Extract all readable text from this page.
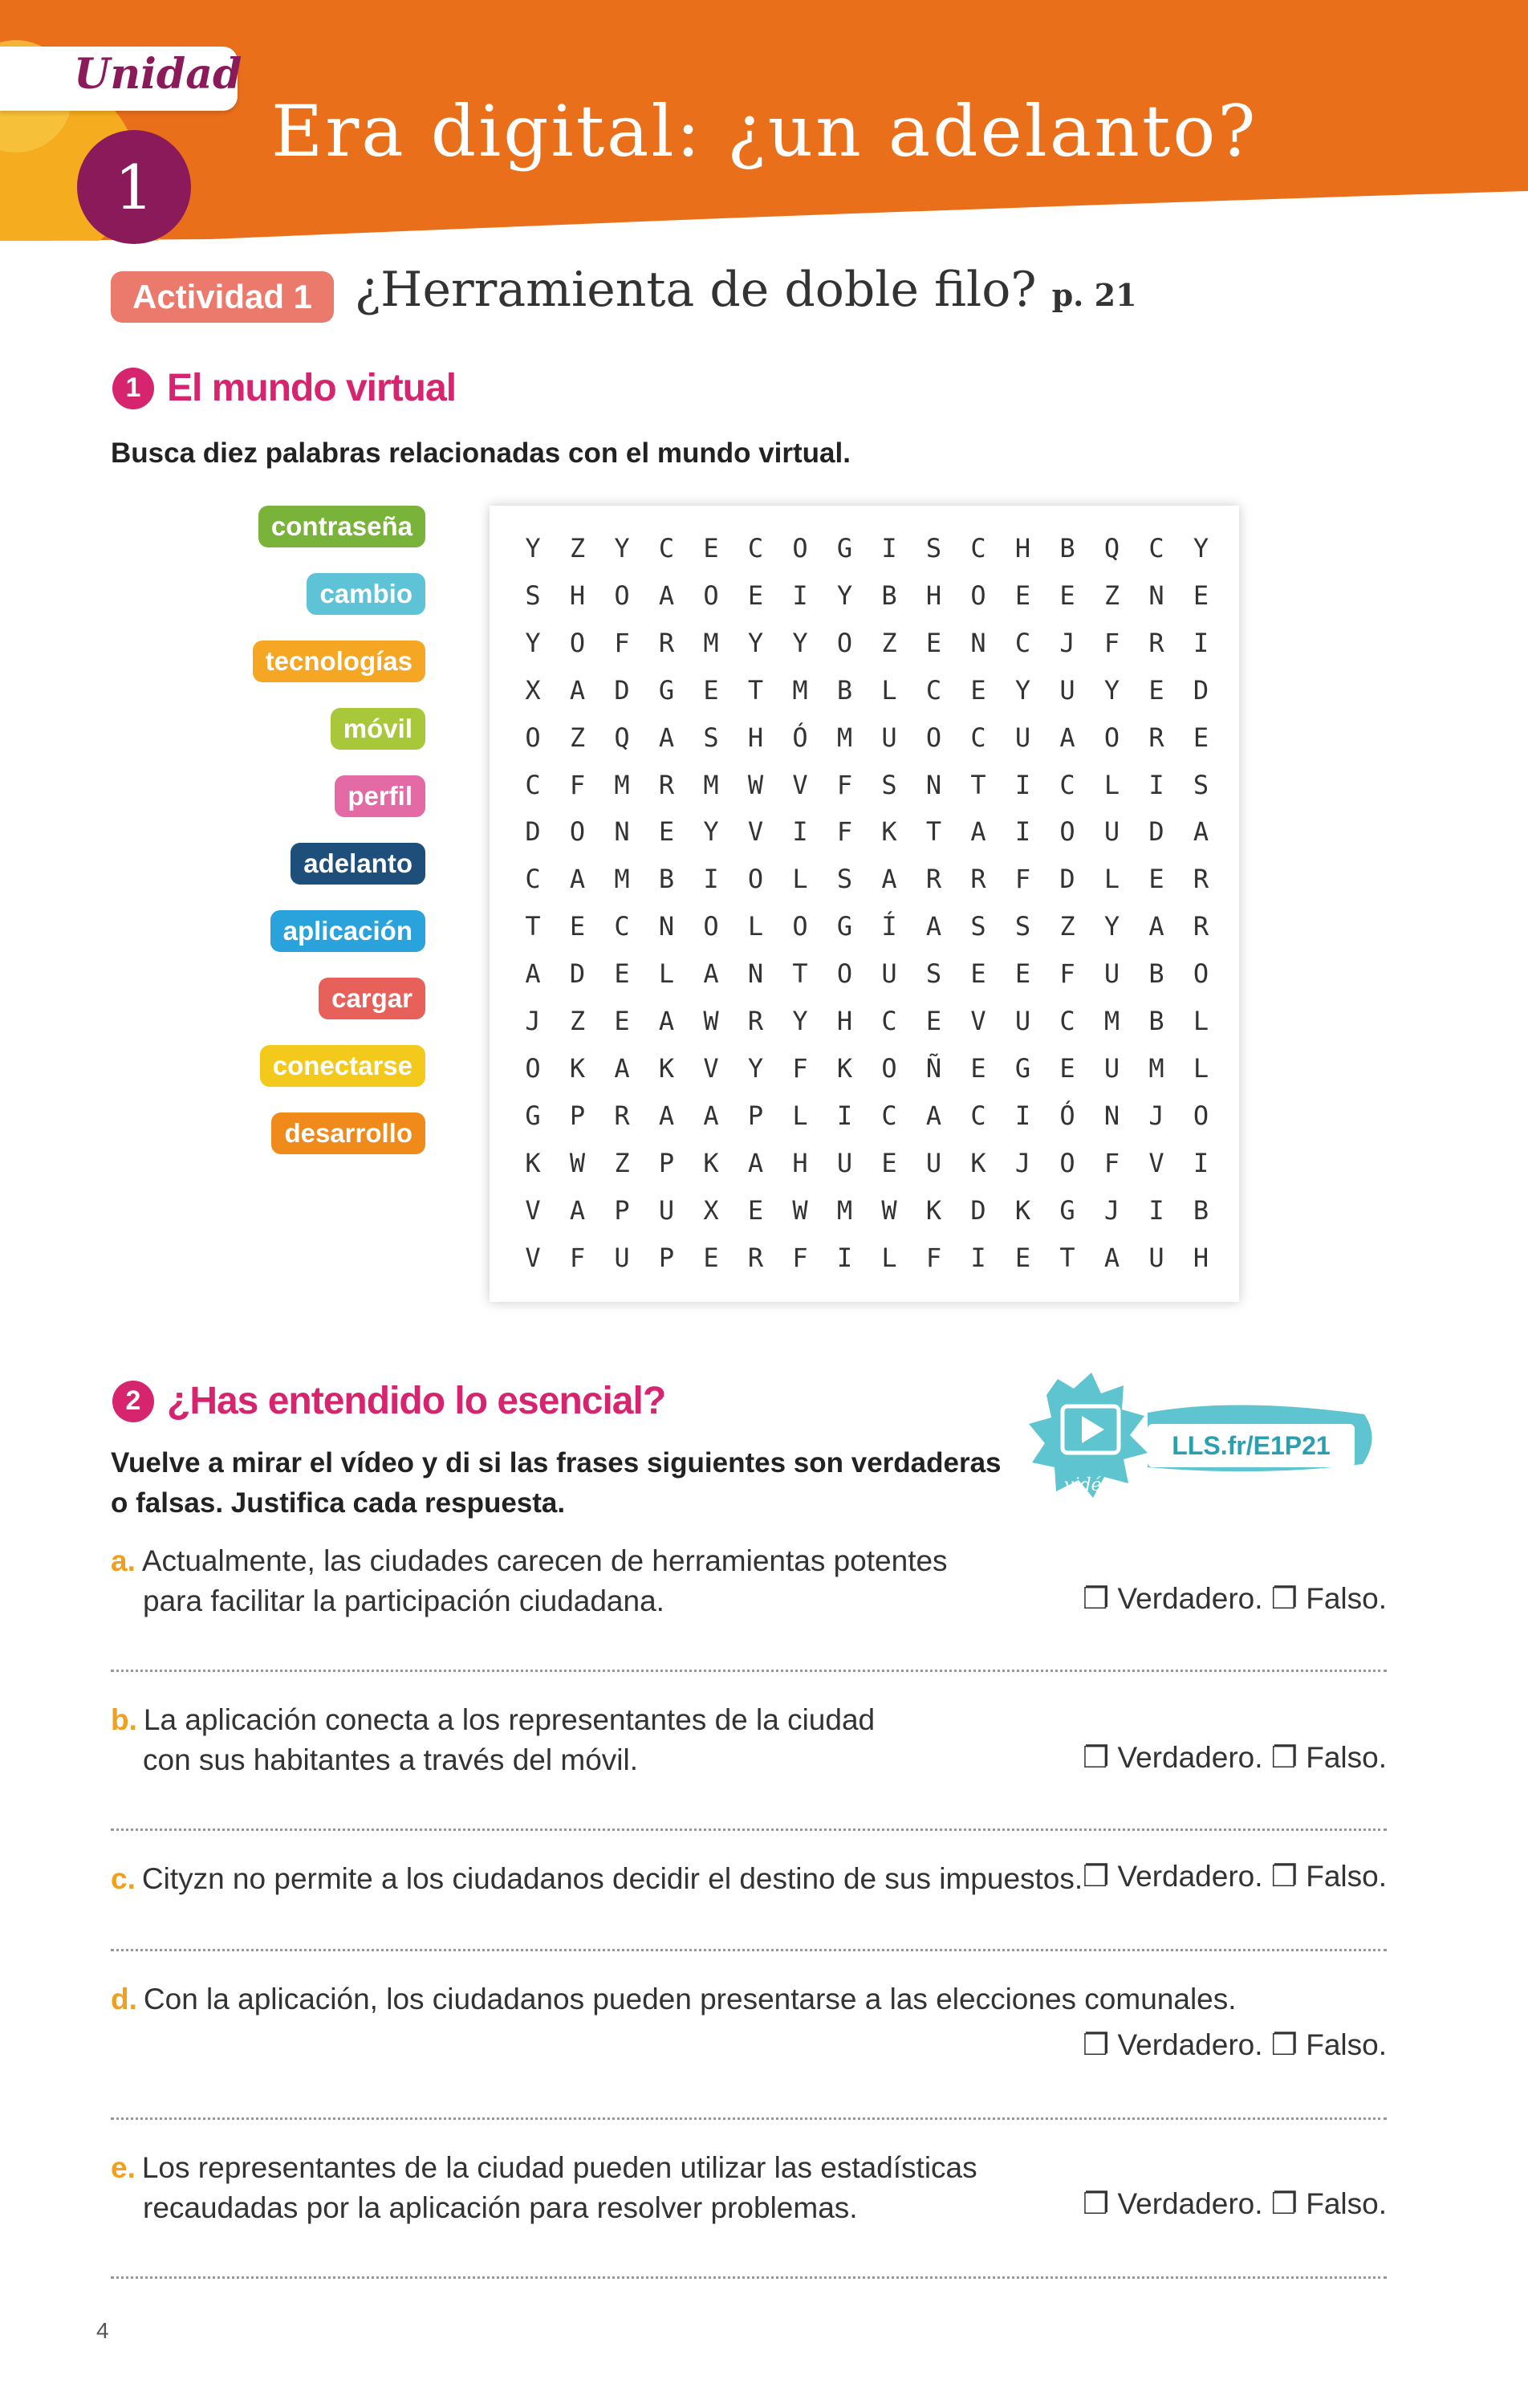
Unidad
1
Era digital: ¿un adelanto?
Actividad 1 ¿Herramienta de doble filo? p. 21
1 El mundo virtual
Busca diez palabras relacionadas con el mundo virtual.
contraseña
cambio
tecnologías
móvil
perfil
adelanto
aplicación
cargar
conectarse
desarrollo
Y	Z	Y	C	E	C	O	G	I	S	C	H	B	Q	C	Y
S	H	O	A	O	E	I	Y	B	H	O	E	E	Z	N	E
Y	O	F	R	M	Y	Y	O	Z	E	N	C	J	F	R	I
X	A	D	G	E	T	M	B	L	C	E	Y	U	Y	E	D
O	Z	Q	A	S	H	Ó	M	U	O	C	U	A	O	R	E
C	F	M	R	M	W	V	F	S	N	T	I	C	L	I	S
D	O	N	E	Y	V	I	F	K	T	A	I	O	U	D	A
C	A	M	B	I	O	L	S	A	R	R	F	D	L	E	R
T	E	C	N	O	L	O	G	Í	A	S	S	Z	Y	A	R
A	D	E	L	A	N	T	O	U	S	E	E	F	U	B	O
J	Z	E	A	W	R	Y	H	C	E	V	U	C	M	B	L
O	K	A	K	V	Y	F	K	O	Ñ	E	G	E	U	M	L
G	P	R	A	A	P	L	I	C	A	C	I	Ó	N	J	O
K	W	Z	P	K	A	H	U	E	U	K	J	O	F	V	I
V	A	P	U	X	E	W	M	W	K	D	K	G	J	I	B
V	F	U	P	E	R	F	I	L	F	I	E	T	A	U	H
2 ¿Has entendido lo esencial?
Vuelve a mirar el vídeo y di si las frases siguientes son verdaderas
o falsas. Justifica cada respuesta.
LLS.fr/E1P21
vidéo
a. Actualmente, las ciudades carecen de herramientas potentes
para facilitar la participación ciudadana.	❐ Verdadero. ❐ Falso.
b. La aplicación conecta a los representantes de la ciudad
con sus habitantes a través del móvil.	❐ Verdadero. ❐ Falso.
c. Cityzn no permite a los ciudadanos decidir el destino de sus impuestos. ❐ Verdadero. ❐ Falso.
d. Con la aplicación, los ciudadanos pueden presentarse a las elecciones comunales.
❐ Verdadero. ❐ Falso.
e. Los representantes de la ciudad pueden utilizar las estadísticas
recaudadas por la aplicación para resolver problemas.	❐ Verdadero. ❐ Falso.
4
